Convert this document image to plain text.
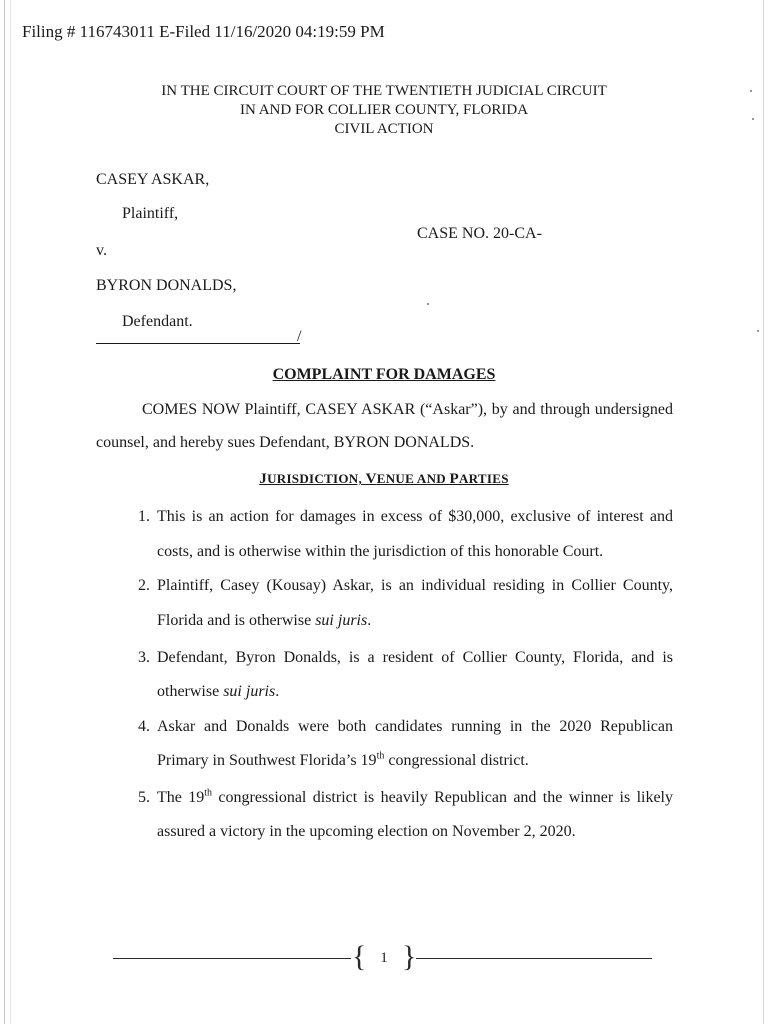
Filing # 116743011 E-Filed 11/16/2020 04:19:59 PM
IN THE CIRCUIT COURT OF THE TWENTIETH JUDICIAL CIRCUIT
IN AND FOR COLLIER COUNTY, FLORIDA
CIVIL ACTION
CASEY ASKAR,
Plaintiff,
CASE NO. 20-CA-
v.
BYRON DONALDS,
Defendant.
/
COMPLAINT FOR DAMAGES
COMES NOW Plaintiff, CASEY ASKAR (“Askar”), by and through undersigned
counsel, and hereby sues Defendant, BYRON DONALDS.
JURISDICTION, VENUE AND PARTIES
1. This is an action for damages in excess of $30,000, exclusive of interest and
costs, and is otherwise within the jurisdiction of this honorable Court.
2. Plaintiff, Casey (Kousay) Askar, is an individual residing in Collier County,
Florida and is otherwise sui juris.
3. Defendant, Byron Donalds, is a resident of Collier County, Florida, and is
otherwise sui juris.
4. Askar and Donalds were both candidates running in the 2020 Republican
Primary in Southwest Florida’s 19th congressional district.
5. The 19th congressional district is heavily Republican and the winner is likely
assured a victory in the upcoming election on November 2, 2020.
{ }
1
